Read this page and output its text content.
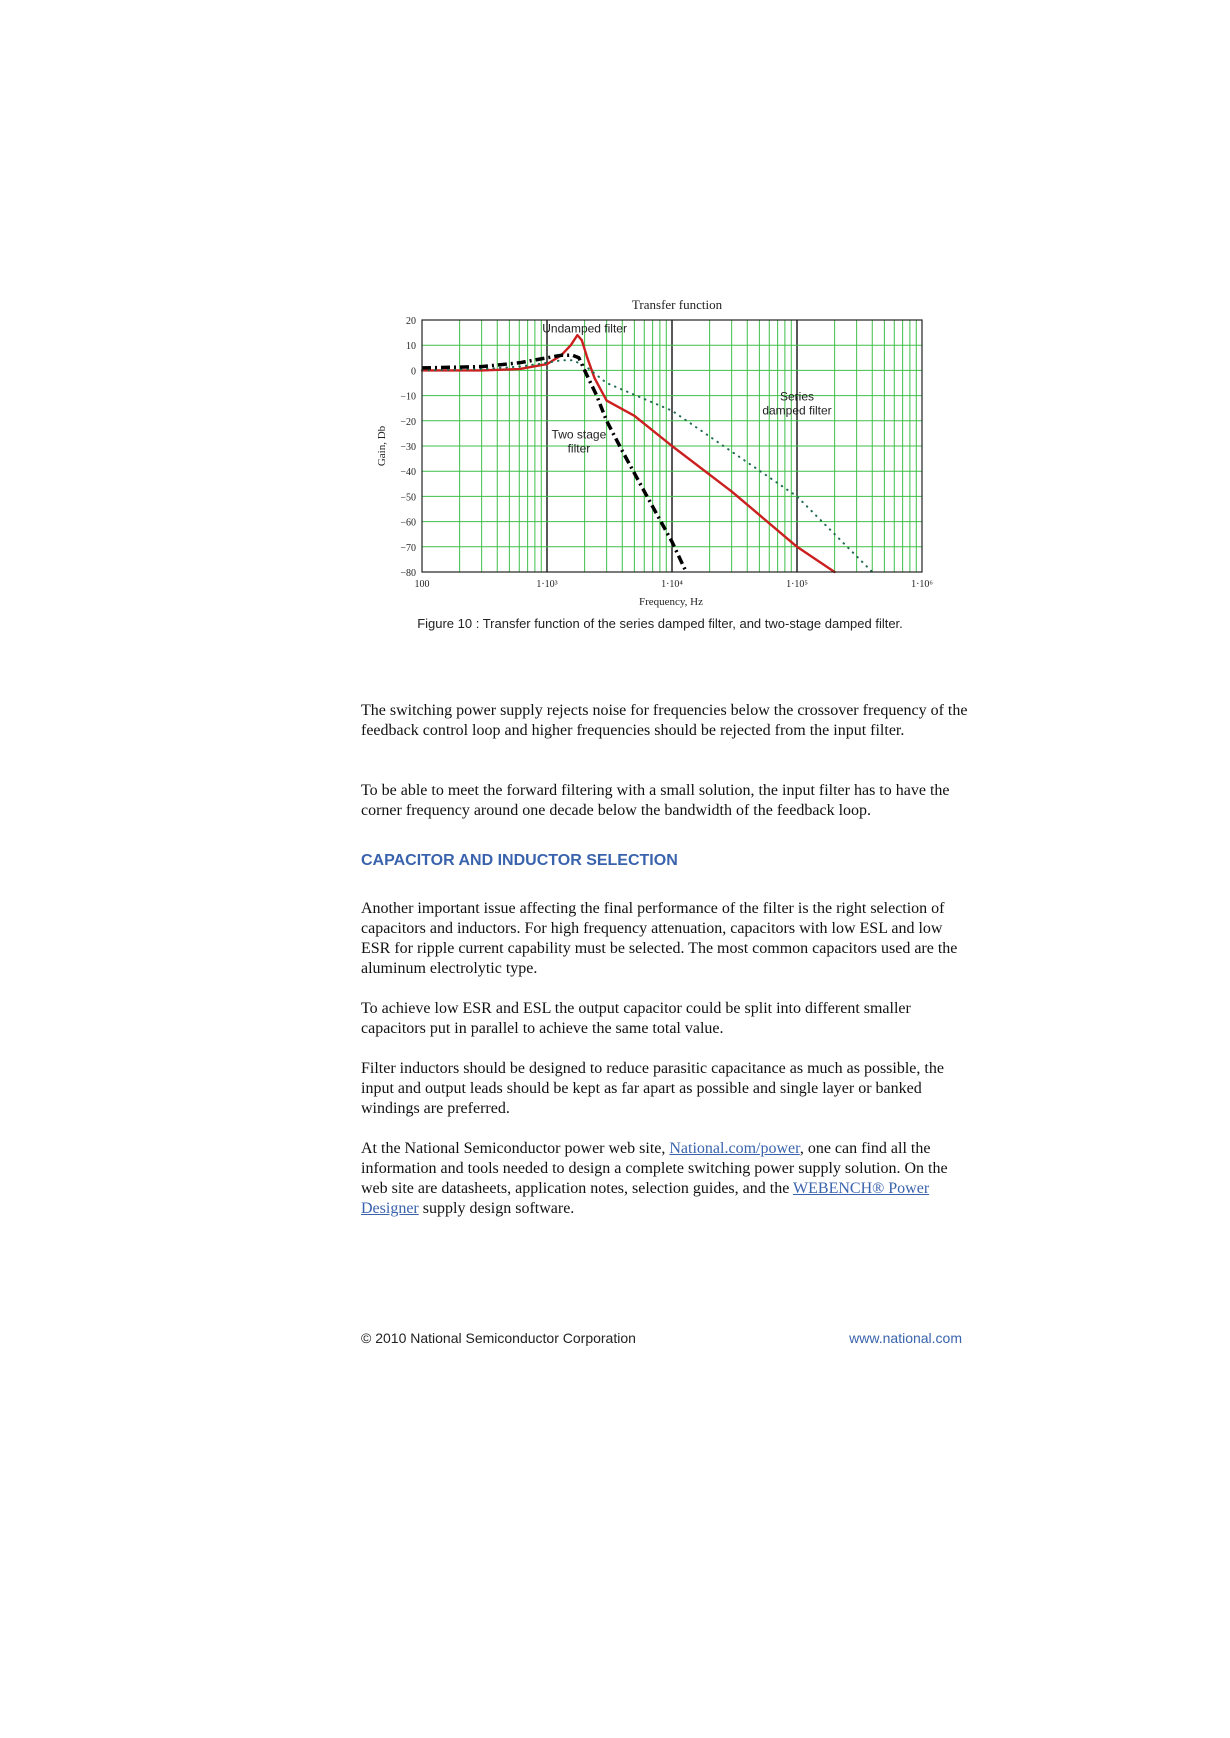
Transfer function
Gain, Db
Frequency, Hz
20
10
0
−10
−20
−30
−40
−50
−60
−70
−80
100	1·10³	1·10⁴	1·10⁵	1·10⁶
Undamped filter
Series damped filter
Two stage filter
Figure 10 : Transfer function of the series damped filter, and two-stage damped filter.

The switching power supply rejects noise for frequencies below the crossover frequency of the feedback control loop and higher frequencies should be rejected from the input filter.

To be able to meet the forward filtering with a small solution, the input filter has to have the corner frequency around one decade below the bandwidth of the feedback loop.

CAPACITOR AND INDUCTOR SELECTION

Another important issue affecting the final performance of the filter is the right selection of capacitors and inductors. For high frequency attenuation, capacitors with low ESL and low ESR for ripple current capability must be selected. The most common capacitors used are the aluminum electrolytic type.

To achieve low ESR and ESL the output capacitor could be split into different smaller capacitors put in parallel to achieve the same total value.

Filter inductors should be designed to reduce parasitic capacitance as much as possible, the input and output leads should be kept as far apart as possible and single layer or banked windings are preferred.

At the National Semiconductor power web site, National.com/power, one can find all the information and tools needed to design a complete switching power supply solution. On the web site are datasheets, application notes, selection guides, and the WEBENCH® Power Designer supply design software.

© 2010 National Semiconductor Corporation	www.national.com
